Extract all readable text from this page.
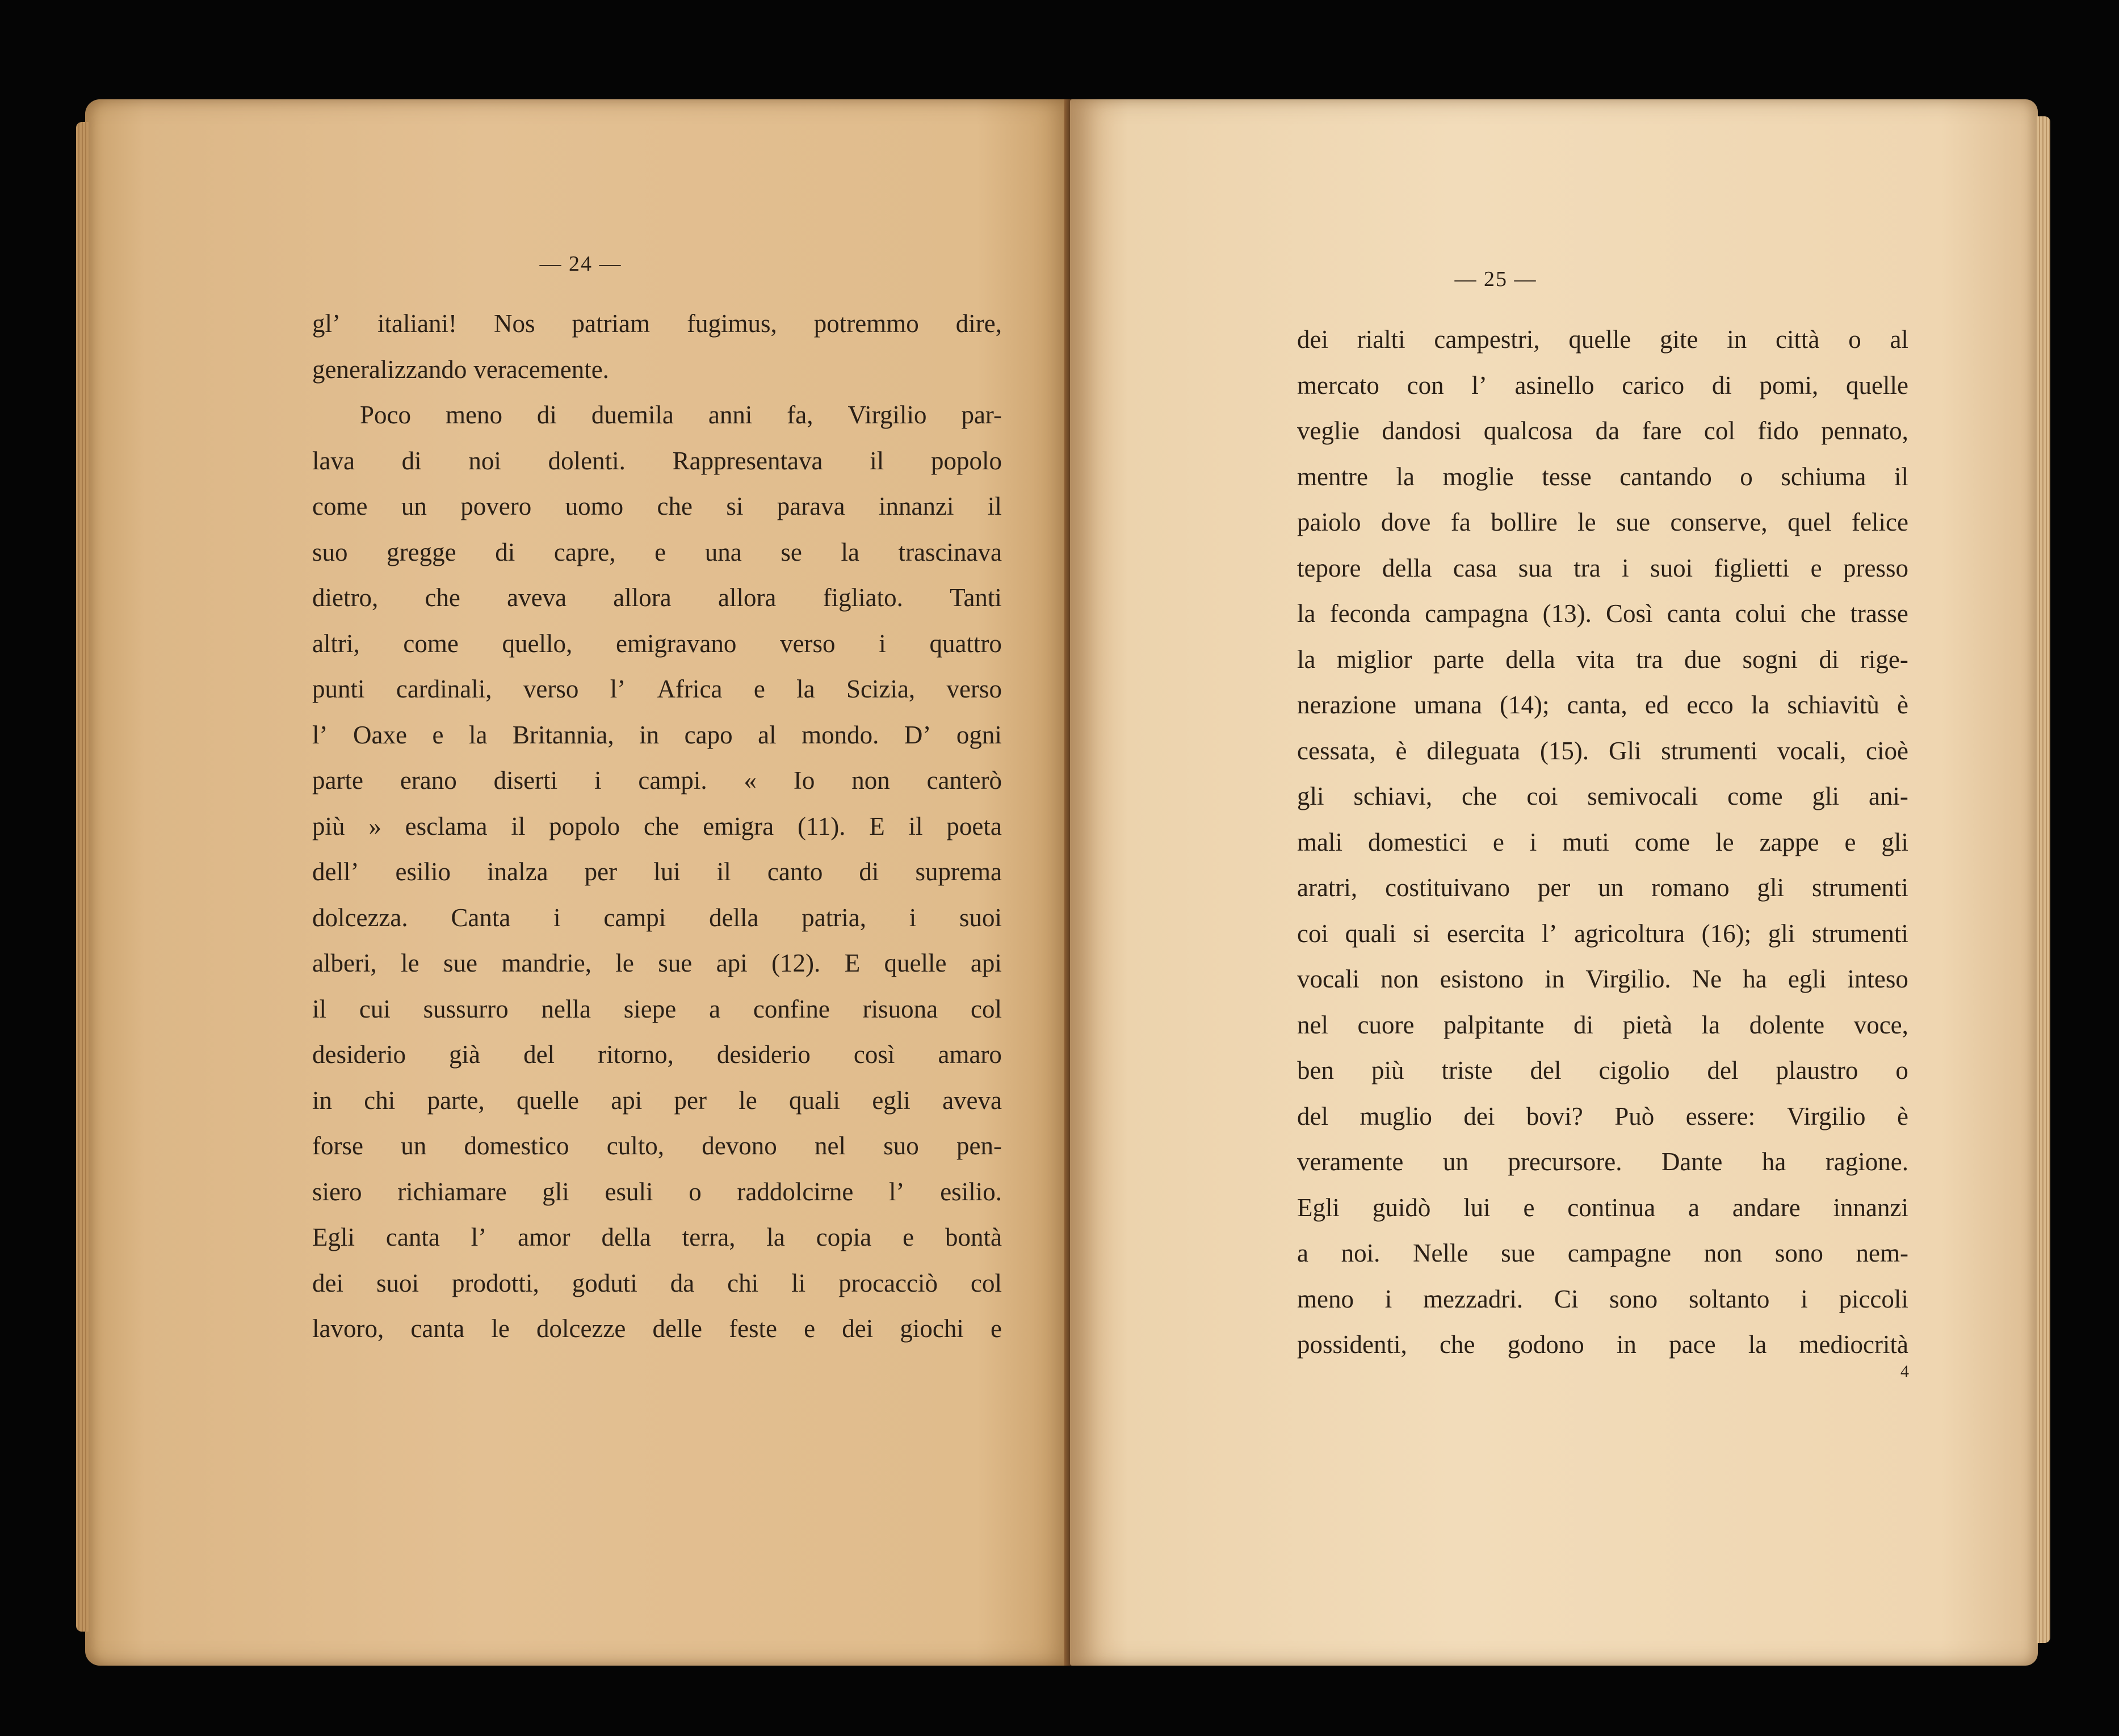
— 24 —
gl’ italiani! Nos patriam fugimus, potremmo dire,
generalizzando veracemente.
Poco meno di duemila anni fa, Virgilio par-
lava di noi dolenti. Rappresentava il popolo
come un povero uomo che si parava innanzi il
suo gregge di capre, e una se la trascinava
dietro, che aveva allora allora figliato. Tanti
altri, come quello, emigravano verso i quattro
punti cardinali, verso l’ Africa e la Scizia, verso
l’ Oaxe e la Britannia, in capo al mondo. D’ ogni
parte erano diserti i campi. « Io non canterò
più » esclama il popolo che emigra (11). E il poeta
dell’ esilio inalza per lui il canto di suprema
dolcezza. Canta i campi della patria, i suoi
alberi, le sue mandrie, le sue api (12). E quelle api
il cui sussurro nella siepe a confine risuona col
desiderio già del ritorno, desiderio così amaro
in chi parte, quelle api per le quali egli aveva
forse un domestico culto, devono nel suo pen-
siero richiamare gli esuli o raddolcirne l’ esilio.
Egli canta l’ amor della terra, la copia e bontà
dei suoi prodotti, goduti da chi li procacciò col
lavoro, canta le dolcezze delle feste e dei giochi e
— 25 —
dei rialti campestri, quelle gite in città o al
mercato con l’ asinello carico di pomi, quelle
veglie dandosi qualcosa da fare col fido pennato,
mentre la moglie tesse cantando o schiuma il
paiolo dove fa bollire le sue conserve, quel felice
tepore della casa sua tra i suoi figlietti e presso
la feconda campagna (13). Così canta colui che trasse
la miglior parte della vita tra due sogni di rige-
nerazione umana (14); canta, ed ecco la schiavitù è
cessata, è dileguata (15). Gli strumenti vocali, cioè
gli schiavi, che coi semivocali come gli ani-
mali domestici e i muti come le zappe e gli
aratri, costituivano per un romano gli strumenti
coi quali si esercita l’ agricoltura (16); gli strumenti
vocali non esistono in Virgilio. Ne ha egli inteso
nel cuore palpitante di pietà la dolente voce,
ben più triste del cigolio del plaustro o
del muglio dei bovi? Può essere: Virgilio è
veramente un precursore. Dante ha ragione.
Egli guidò lui e continua a andare innanzi
a noi. Nelle sue campagne non sono nem-
meno i mezzadri. Ci sono soltanto i piccoli
possidenti, che godono in pace la mediocrità
4
